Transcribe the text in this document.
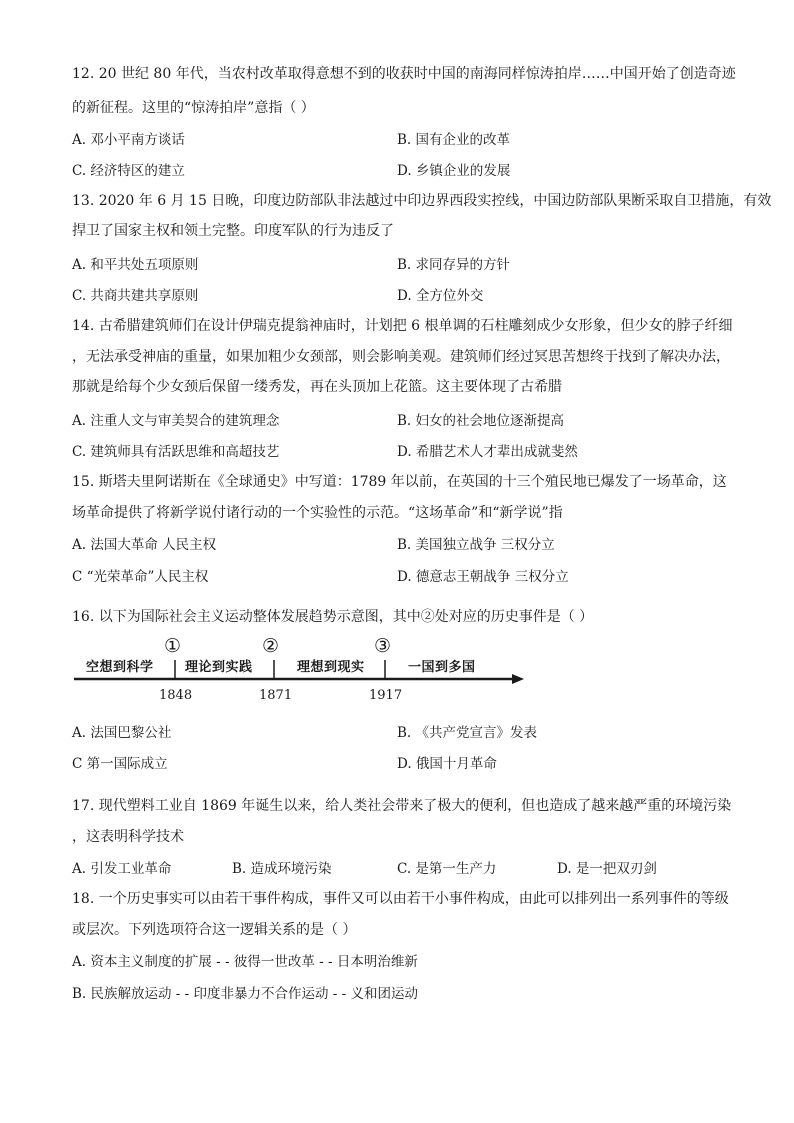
12. 20 世纪 80 年代，当农村改革取得意想不到的收获时中国的南海同样惊涛拍岸……中国开始了创造奇迹
的新征程。这里的“惊涛拍岸”意指（ ）
A. 邓小平南方谈话	B. 国有企业的改革
C. 经济特区的建立	D. 乡镇企业的发展
13. 2020 年 6 月 15 日晚，印度边防部队非法越过中印边界西段实控线，中国边防部队果断采取自卫措施，有效
捍卫了国家主权和领土完整。印度军队的行为违反了
A. 和平共处五项原则	B. 求同存异的方针
C. 共商共建共享原则	D. 全方位外交
14. 古希腊建筑师们在设计伊瑞克提翁神庙时，计划把 6 根单调的石柱雕刻成少女形象，但少女的脖子纤细
，无法承受神庙的重量，如果加粗少女颈部，则会影响美观。建筑师们经过冥思苦想终于找到了解决办法，
那就是给每个少女颈后保留一缕秀发，再在头顶加上花篮。这主要体现了古希腊
A. 注重人文与审美契合的建筑理念	B. 妇女的社会地位逐渐提高
C. 建筑师具有活跃思维和高超技艺	D. 希腊艺术人才辈出成就斐然
15. 斯塔夫里阿诺斯在《全球通史》中写道：1789 年以前，在英国的十三个殖民地已爆发了一场革命，这
场革命提供了将新学说付诸行动的一个实验性的示范。“这场革命”和“新学说”指
A. 法国大革命 人民主权	B. 美国独立战争 三权分立
C “光荣革命”人民主权	D. 德意志王朝战争 三权分立
16. 以下为国际社会主义运动整体发展趋势示意图，其中②处对应的历史事件是（ ）
空想到科学 理论到实践	理想到现实	一国到多国
①	②	③
1848	1871	1917
A. 法国巴黎公社	B. 《共产党宣言》发表
C 第一国际成立	D. 俄国十月革命
17. 现代塑料工业自 1869 年诞生以来，给人类社会带来了极大的便利，但也造成了越来越严重的环境污染
，这表明科学技术
A. 引发工业革命	B. 造成环境污染	C. 是第一生产力	D. 是一把双刃剑
18. 一个历史事实可以由若干事件构成，事件又可以由若干小事件构成，由此可以排列出一系列事件的等级
或层次。下列选项符合这一逻辑关系的是（ ）
A. 资本主义制度的扩展 - - 彼得一世改革 - - 日本明治维新
B. 民族解放运动 - - 印度非暴力不合作运动 - - 义和团运动
